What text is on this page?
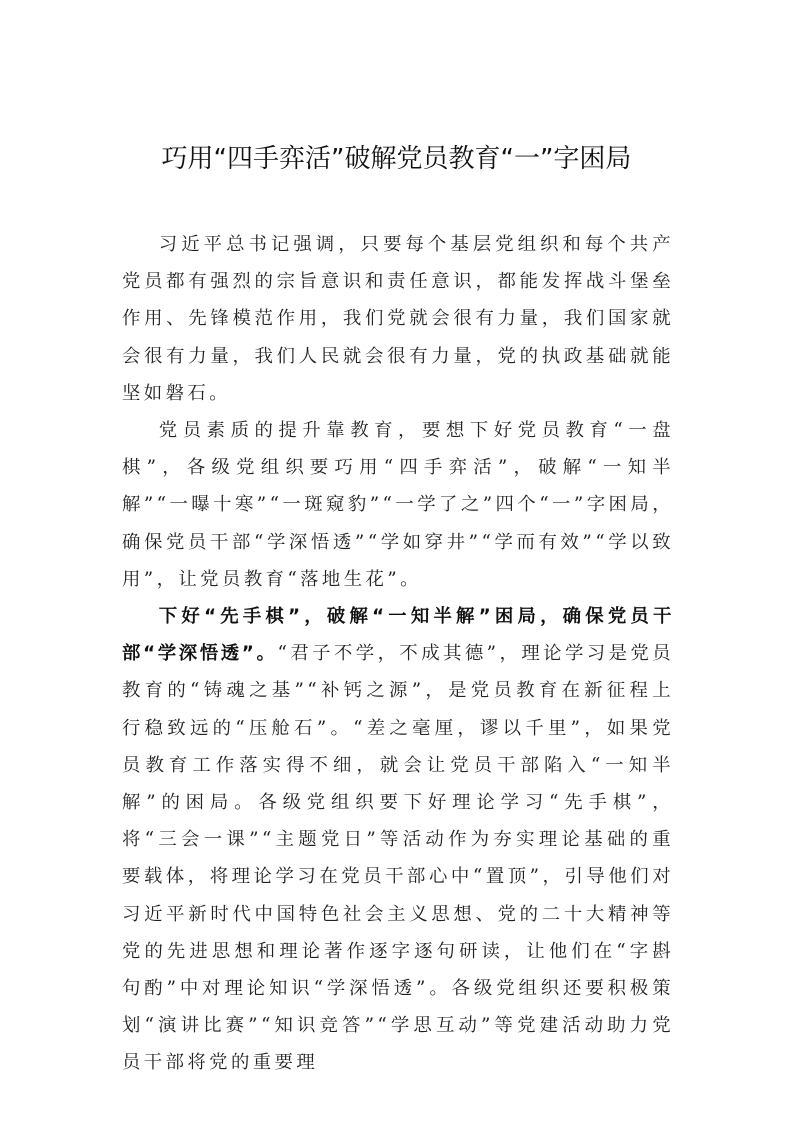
巧用“四手弈活”破解党员教育“一”字困局

习近平总书记强调，只要每个基层党组织和每个共产党员都有强烈的宗旨意识和责任意识，都能发挥战斗堡垒作用、先锋模范作用，我们党就会很有力量，我们国家就会很有力量，我们人民就会很有力量，党的执政基础就能坚如磐石。

党员素质的提升靠教育，要想下好党员教育“一盘棋”，各级党组织要巧用“四手弈活”，破解“一知半解”“一曝十寒”“一斑窥豹”“一学了之”四个“一”字困局，确保党员干部“学深悟透”“学如穿井”“学而有效”“学以致用”，让党员教育“落地生花”。

下好“先手棋”，破解“一知半解”困局，确保党员干部“学深悟透”。“君子不学，不成其德”，理论学习是党员教育的“铸魂之基”“补钙之源”，是党员教育在新征程上行稳致远的“压舱石”。“差之毫厘，谬以千里”，如果党员教育工作落实得不细，就会让党员干部陷入“一知半解”的困局。各级党组织要下好理论学习“先手棋”，将“三会一课”“主题党日”等活动作为夯实理论基础的重要载体，将理论学习在党员干部心中“置顶”，引导他们对习近平新时代中国特色社会主义思想、党的二十大精神等党的先进思想和理论著作逐字逐句研读，让他们在“字斟句酌”中对理论知识“学深悟透”。各级党组织还要积极策划“演讲比赛”“知识竞答”“学思互动”等党建活动助力党员干部将党的重要理
